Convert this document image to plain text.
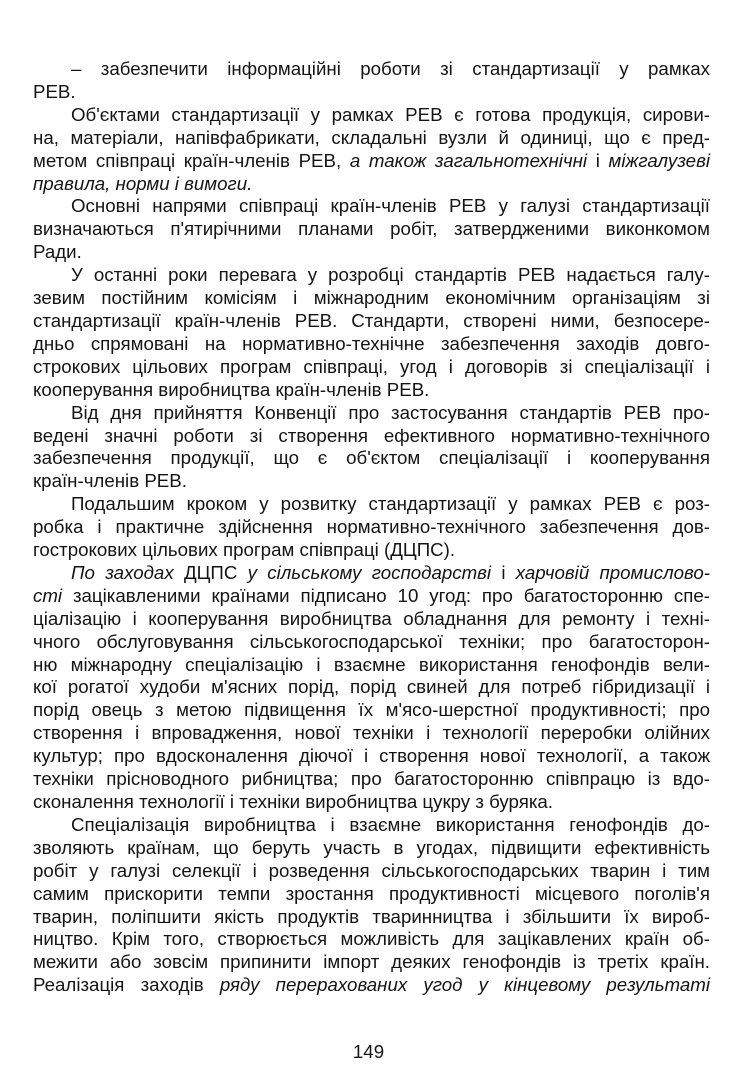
– забезпечити інформаційні роботи зі стандартизації у рамках
РЕВ.

Об'єктами стандартизації у рамках РЕВ є готова продукція, сирови-
на, матеріали, напівфабрикати, складальні вузли й одиниці, що є пред-
метом співпраці країн-членів РЕВ, а також загальнотехнічні і міжгалузеві
правила, норми і вимоги.

Основні напрями співпраці країн-членів РЕВ у галузі стандартизації
визначаються п'ятирічними планами робіт, затвердженими виконкомом
Ради.

У останні роки перевага у розробці стандартів РЕВ надається галу-
зевим постійним комісіям і міжнародним економічним організаціям зі
стандартизації країн-членів РЕВ. Стандарти, створені ними, безпосере-
дньо спрямовані на нормативно-технічне забезпечення заходів довго-
строкових цільових програм співпраці, угод і договорів зі спеціалізації і
кооперування виробництва країн-членів РЕВ.

Від дня прийняття Конвенції про застосування стандартів РЕВ про-
ведені значні роботи зі створення ефективного нормативно-технічного
забезпечення продукції, що є об'єктом спеціалізації і кооперування
країн-членів РЕВ.

Подальшим кроком у розвитку стандартизації у рамках РЕВ є роз-
робка і практичне здійснення нормативно-технічного забезпечення дов-
гострокових цільових програм співпраці (ДЦПС).

По заходах ДЦПС у сільському господарстві і харчовій промислово-
сті зацікавленими країнами підписано 10 угод: про багатосторонню спе-
ціалізацію і кооперування виробництва обладнання для ремонту і техні-
чного обслуговування сільськогосподарської техніки; про багатосторон-
ню міжнародну спеціалізацію і взаємне використання генофондів вели-
кої рогатої худоби м'ясних порід, порід свиней для потреб гібридизації і
порід овець з метою підвищення їх м'ясо-шерстної продуктивності; про
створення і впровадження, нової техніки і технології переробки олійних
культур; про вдосконалення діючої і створення нової технології, а також
техніки прісноводного рибництва; про багатосторонню співпрацю із вдо-
сконалення технології і техніки виробництва цукру з буряка.

Спеціалізація виробництва і взаємне використання генофондів до-
зволяють країнам, що беруть участь в угодах, підвищити ефективність
робіт у галузі селекції і розведення сільськогосподарських тварин і тим
самим прискорити темпи зростання продуктивності місцевого поголів'я
тварин, поліпшити якість продуктів тваринництва і збільшити їх вироб-
ництво. Крім того, створюється можливість для зацікавлених країн об-
межити або зовсім припинити імпорт деяких генофондів із третіх країн.
Реалізація заходів ряду перерахованих угод у кінцевому результаті

149
